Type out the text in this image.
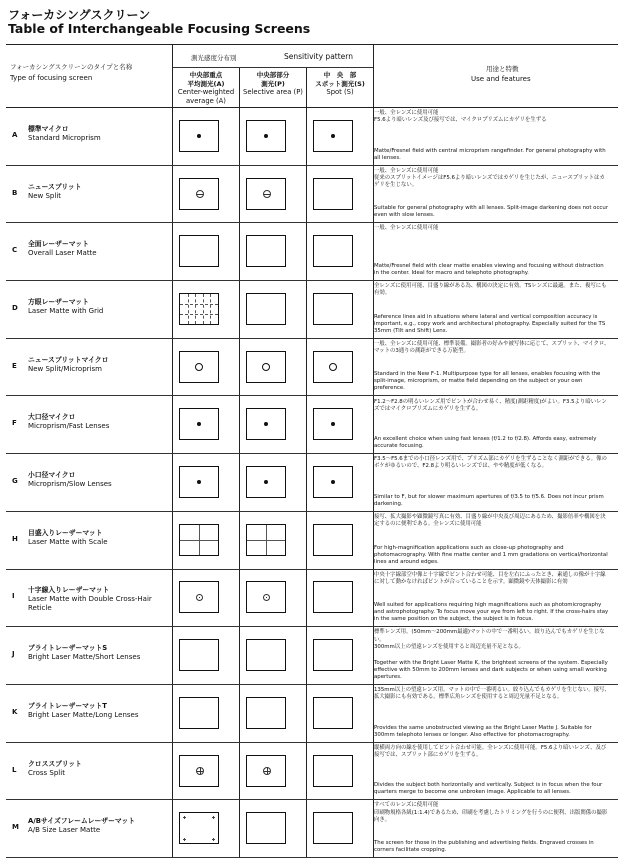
フォーカシングスクリーン
Table of Interchangeable Focusing Screens
フォーカシングスクリーンのタイプと名称
Type of focusing screen
測光感度分布別	Sensitivity pattern
中央部重点
平均測光(A)
Center-weighted average (A)
中央部部分
測光(P)
Selective area (P)
中　央　部
スポット測光(S)
Spot (S)
用途と特徴
Use and features
A
標準マイクロ
Standard Microprism
一般、全レンズに使用可能
F5.6より暗いレンズ及び接写では、マイクロプリズムにカゲリを生ずる
Matte/Fresnel field with central microprism rangefinder. For general photography with all lenses.
B
ニュースプリット
New Split
一般、全レンズに使用可能
従来のスプリットイメージはF5.6より暗いレンズではカゲリを生じたが、ニュースプリットはカゲリを生じない。
Suitable for general photography with all lenses. Split-image darkening does not occur even with slow lenses.
C
全面レーザーマット
Overall Laser Matte
一般、全レンズに使用可能
Matte/Fresnel field with clear matte enables viewing and focusing without distraction in the center. Ideal for macro and telephoto photography.
D
方眼レーザーマット
Laser Matte with Grid
全レンズに使用可能、目盛り線がある為、構図の決定に有効。TSレンズに最適。また、複写にも有効。
Reference lines aid in situations where lateral and vertical composition accuracy is important, e.g., copy work and architectural photography. Especially suited for the TS 35mm (Tilt and Shift) Lens.
E
ニュースプリットマイクロ
New Split/Microprism
一般、全レンズに使用可能、標準装備。撮影者の好みや被写体に応じて、スプリット、マイクロ、マットの3通りの測距ができる万能型。
Standard in the New F-1. Multipurpose type for all lenses, enables focusing with the split-image, microprism, or matte field depending on the subject or your own preference.
F
大口径マイクロ
Microprism/Fast Lenses
F1.2〜F2.8の明るいレンズ用でピントが合わせ易く、精度(測距精度)がよい。F3.5より暗いレンズではマイクロプリズムにカゲリを生ずる。
An excellent choice when using fast lenses (f/1.2 to f/2.8). Affords easy, extremely accurate focusing.
G
小口径マイクロ
Microprism/Slow Lenses
F3.5〜F5.6までの小口径レンズ用で、プリズム部にカゲリを生ずることなく測距ができる。像のボケがゆるいので、F2.8より明るいレンズでは、やや精度が低くなる。
Similar to F, but for slower maximum apertures of f/3.5 to f/5.6. Does not incur prism darkening.
H
目盛入りレーザーマット
Laser Matte with Scale
接写、拡大撮影や顕微鏡写真に有効、目盛り線が中央及び周辺にあるため、撮影倍率や構図を決定するのに便利である。全レンズに使用可能
For high-magnification applications such as close-up photography and photomacrography. With fine matte center and 1 mm gradations on vertical/horizontal lines and around edges.
I
十字線入りレーザーマット
Laser Matte with Double Cross-Hair Reticle
中央十字線部空中像と十字線でピント合わせ可能、目を左右にふったとき、素通しの像が十字線に対して動かなければピントが合っていることを示す。顕微鏡や天体撮影に有効
Well suited for applications requiring high magnifications such as photomicrography and astrophotography. To focus move your eye from left to right. If the cross-hairs stay in the same position on the subject, the subject is in focus.
J
ブライトレーザーマットS
Bright Laser Matte/Short Lenses
標準レンズ用。(50mm〜200mm最適)マットの中で一番明るい。絞り込んでもカゲリを生じない。
300mm以上の望遠レンズを使用すると周辺光量不足となる。
Together with the Bright Laser Matte K, the brightest screens of the system. Especially effective with 50mm to 200mm lenses and dark subjects or when using small working apertures.
K
ブライトレーザーマットT
Bright Laser Matte/Long Lenses
135mm以上の望遠レンズ用。マットの中で一番明るい。絞り込んでもカゲリを生じない。接写、拡大撮影にも有効である。標準広角レンズを使用すると周辺光量不足となる。
Provides the same unobstructed viewing as the Bright Laser Matte J. Suitable for 300mm telephoto lenses or longer. Also effective for photomacrography.
L
クロススプリット
Cross Split
縦横両方向の線を使用してピント合わせ可能。全レンズに使用可能。F5.6より暗いレンズ、及び接写では、スプリット部にカゲリを生ずる。
Divides the subject both horizontally and vertically. Subject is in focus when the four quarters merge to become one unbroken image. Applicable to all lenses.
M
A/Bサイズフレームレーザーマット
A/B Size Laser Matte
すべてのレンズに使用可能
印刷物規格各級(1:1.4)であるため、印刷を考慮したトリミングを行うのに便利、出版関係の撮影向き。
The screen for those in the publishing and advertising fields. Engraved crosses in corners facilitate cropping.
